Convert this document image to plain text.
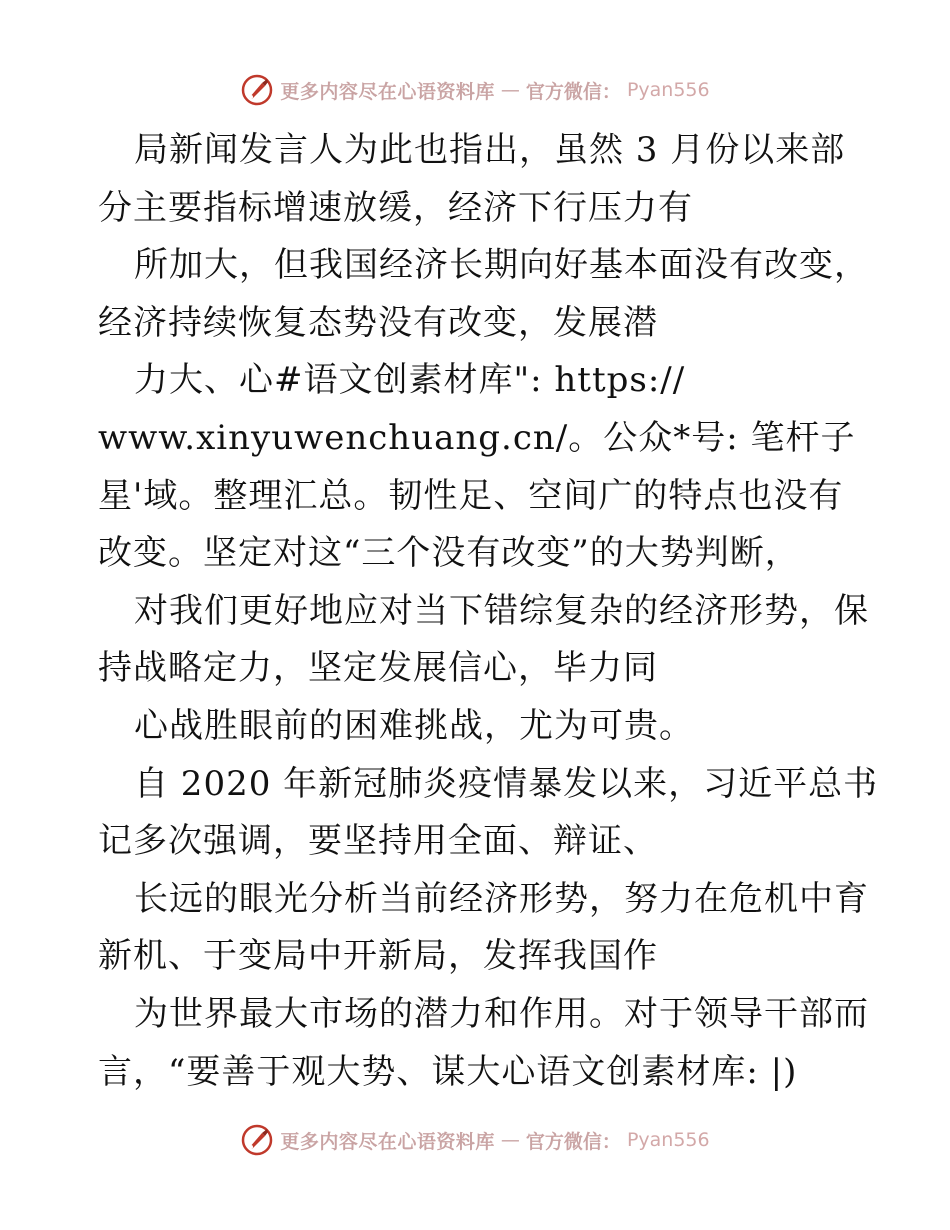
更多内容尽在心语资料库 — 官方微信： Pyan556
局新闻发言人为此也指出，虽然 3 月份以来部
分主要指标增速放缓，经济下行压力有
所加大，但我国经济长期向好基本面没有改变，
经济持续恢复态势没有改变，发展潜
力大、心#语文创素材库": https://
www.xinyuwenchuang.cn/。公众*号: 笔杆子
星'域。整理汇总。韧性足、空间广的特点也没有
改变。坚定对这“三个没有改变”的大势判断，
对我们更好地应对当下错综复杂的经济形势，保
持战略定力，坚定发展信心，毕力同
心战胜眼前的困难挑战，尤为可贵。
自 2020 年新冠肺炎疫情暴发以来，习近平总书
记多次强调，要坚持用全面、辩证、
长远的眼光分析当前经济形势，努力在危机中育
新机、于变局中开新局，发挥我国作
为世界最大市场的潜力和作用。对于领导干部而
言，“要善于观大势、谋大心语文创素材库: |)
更多内容尽在心语资料库 — 官方微信： Pyan556
